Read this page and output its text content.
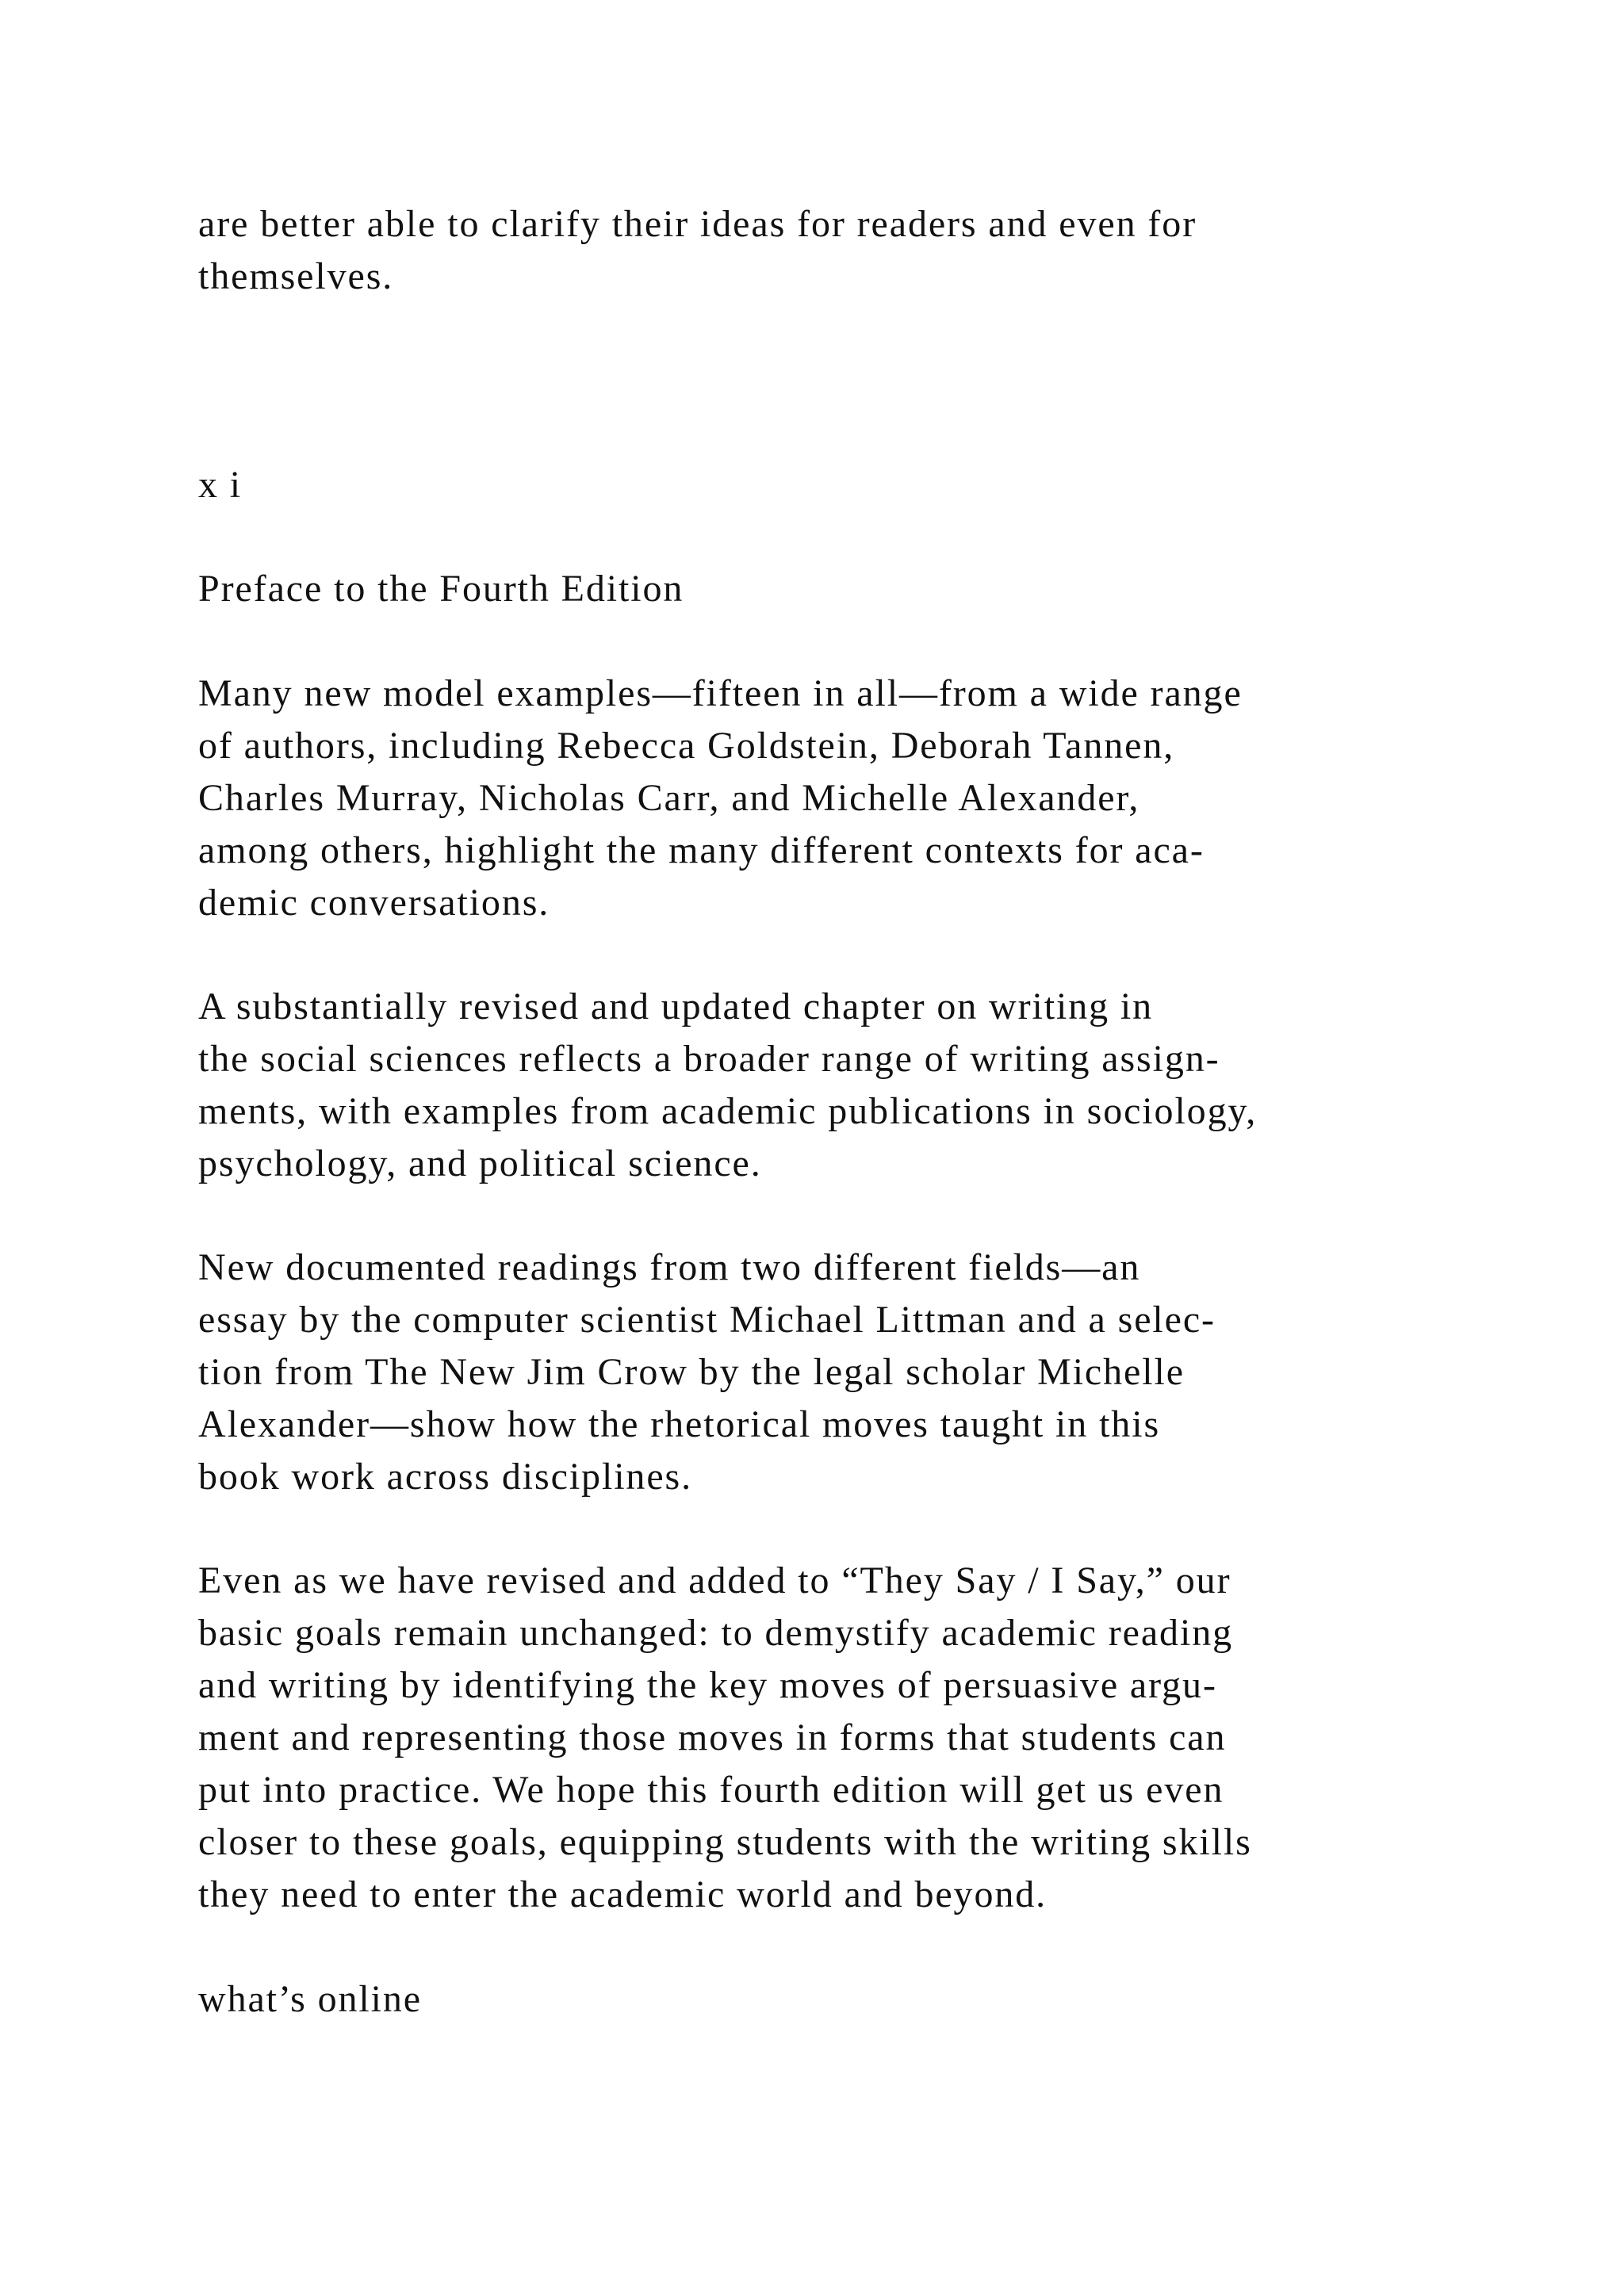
are better able to clarify their ideas for readers and even for
themselves.
x i
Preface to the Fourth Edition
Many new model examples—fifteen in all—from a wide range
of authors, including Rebecca Goldstein, Deborah Tannen,
Charles Murray, Nicholas Carr, and Michelle Alexander,
among others, highlight the many different contexts for aca-
demic conversations.
A substantially revised and updated chapter on writing in
the social sciences reflects a broader range of writing assign-
ments, with examples from academic publications in sociology,
psychology, and political science.
New documented readings from two different fields—an
essay by the computer scientist Michael Littman and a selec-
tion from The New Jim Crow by the legal scholar Michelle
Alexander—show how the rhetorical moves taught in this
book work across disciplines.
Even as we have revised and added to “They Say / I Say,” our
basic goals remain unchanged: to demystify academic reading
and writing by identifying the key moves of persuasive argu-
ment and representing those moves in forms that students can
put into practice. We hope this fourth edition will get us even
closer to these goals, equipping students with the writing skills
they need to enter the academic world and beyond.
what’s online
